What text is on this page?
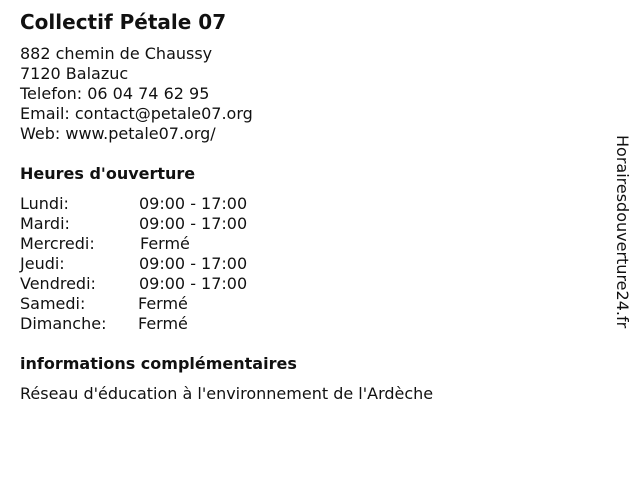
Collectif Pétale 07
882 chemin de Chaussy
7120 Balazuc
Telefon: 06 04 74 62 95
Email: contact@petale07.org
Web: www.petale07.org/
Heures d'ouverture
Lundi:	09:00 - 17:00
Mardi:	09:00 - 17:00
Mercredi:	Fermé
Jeudi:	09:00 - 17:00
Vendredi:	09:00 - 17:00
Samedi:	Fermé
Dimanche: Fermé
informations complémentaires
Réseau d'éducation à l'environnement de l'Ardèche
Horairesdouverture24.fr
